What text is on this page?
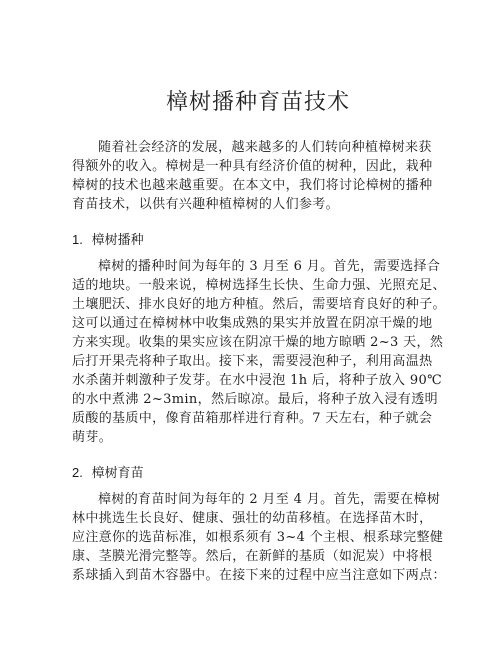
樟树播种育苗技术
随着社会经济的发展，越来越多的人们转向种植樟树来获
得额外的收入。樟树是一种具有经济价值的树种，因此，栽种
樟树的技术也越来越重要。在本文中，我们将讨论樟树的播种
育苗技术，以供有兴趣种植樟树的人们参考。
1. 樟树播种
樟树的播种时间为每年的 3 月至 6 月。首先，需要选择合
适的地块。一般来说，樟树选择生长快、生命力强、光照充足、
土壤肥沃、排水良好的地方种植。然后，需要培育良好的种子。
这可以通过在樟树林中收集成熟的果实并放置在阴凉干燥的地
方来实现。收集的果实应该在阴凉干燥的地方晾晒 2~3 天，然
后打开果壳将种子取出。接下来，需要浸泡种子，利用高温热
水杀菌并刺激种子发芽。在水中浸泡 1h 后，将种子放入 90℃
的水中煮沸 2~3min，然后晾凉。最后，将种子放入浸有透明
质酸的基质中，像育苗箱那样进行育种。7 天左右，种子就会
萌芽。
2. 樟树育苗
樟树的育苗时间为每年的 2 月至 4 月。首先，需要在樟树
林中挑选生长良好、健康、强壮的幼苗移植。在选择苗木时，
应注意你的选苗标准，如根系须有 3~4 个主根、根系球完整健
康、茎膜光滑完整等。然后，在新鲜的基质（如泥炭）中将根
系球插入到苗木容器中。在接下来的过程中应当注意如下两点：
